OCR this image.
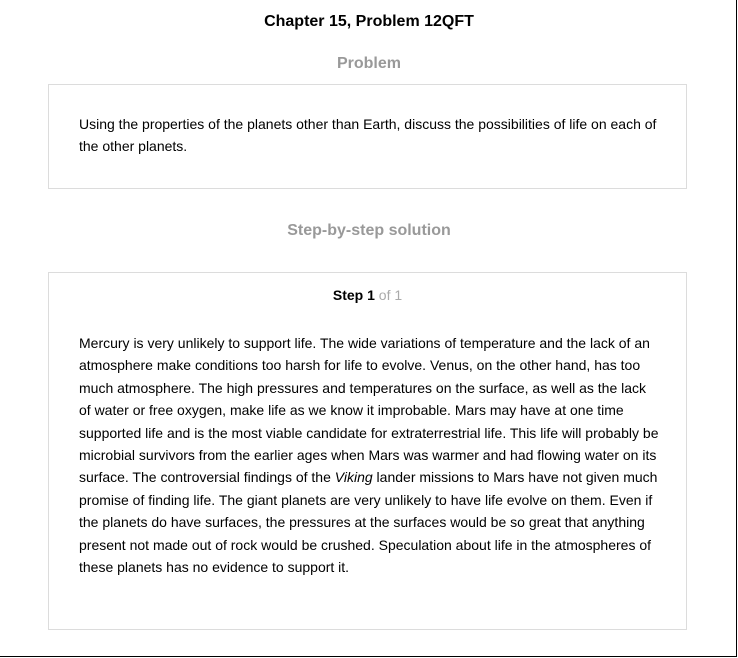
Chapter 15, Problem 12QFT
Problem
Using the properties of the planets other than Earth, discuss the possibilities of life on each of the other planets.
Step-by-step solution
Step 1 of 1
Mercury is very unlikely to support life. The wide variations of temperature and the lack of an atmosphere make conditions too harsh for life to evolve. Venus, on the other hand, has too much atmosphere. The high pressures and temperatures on the surface, as well as the lack of water or free oxygen, make life as we know it improbable. Mars may have at one time supported life and is the most viable candidate for extraterrestrial life. This life will probably be microbial survivors from the earlier ages when Mars was warmer and had flowing water on its surface. The controversial findings of the Viking lander missions to Mars have not given much promise of finding life. The giant planets are very unlikely to have life evolve on them. Even if the planets do have surfaces, the pressures at the surfaces would be so great that anything present not made out of rock would be crushed. Speculation about life in the atmospheres of these planets has no evidence to support it.
